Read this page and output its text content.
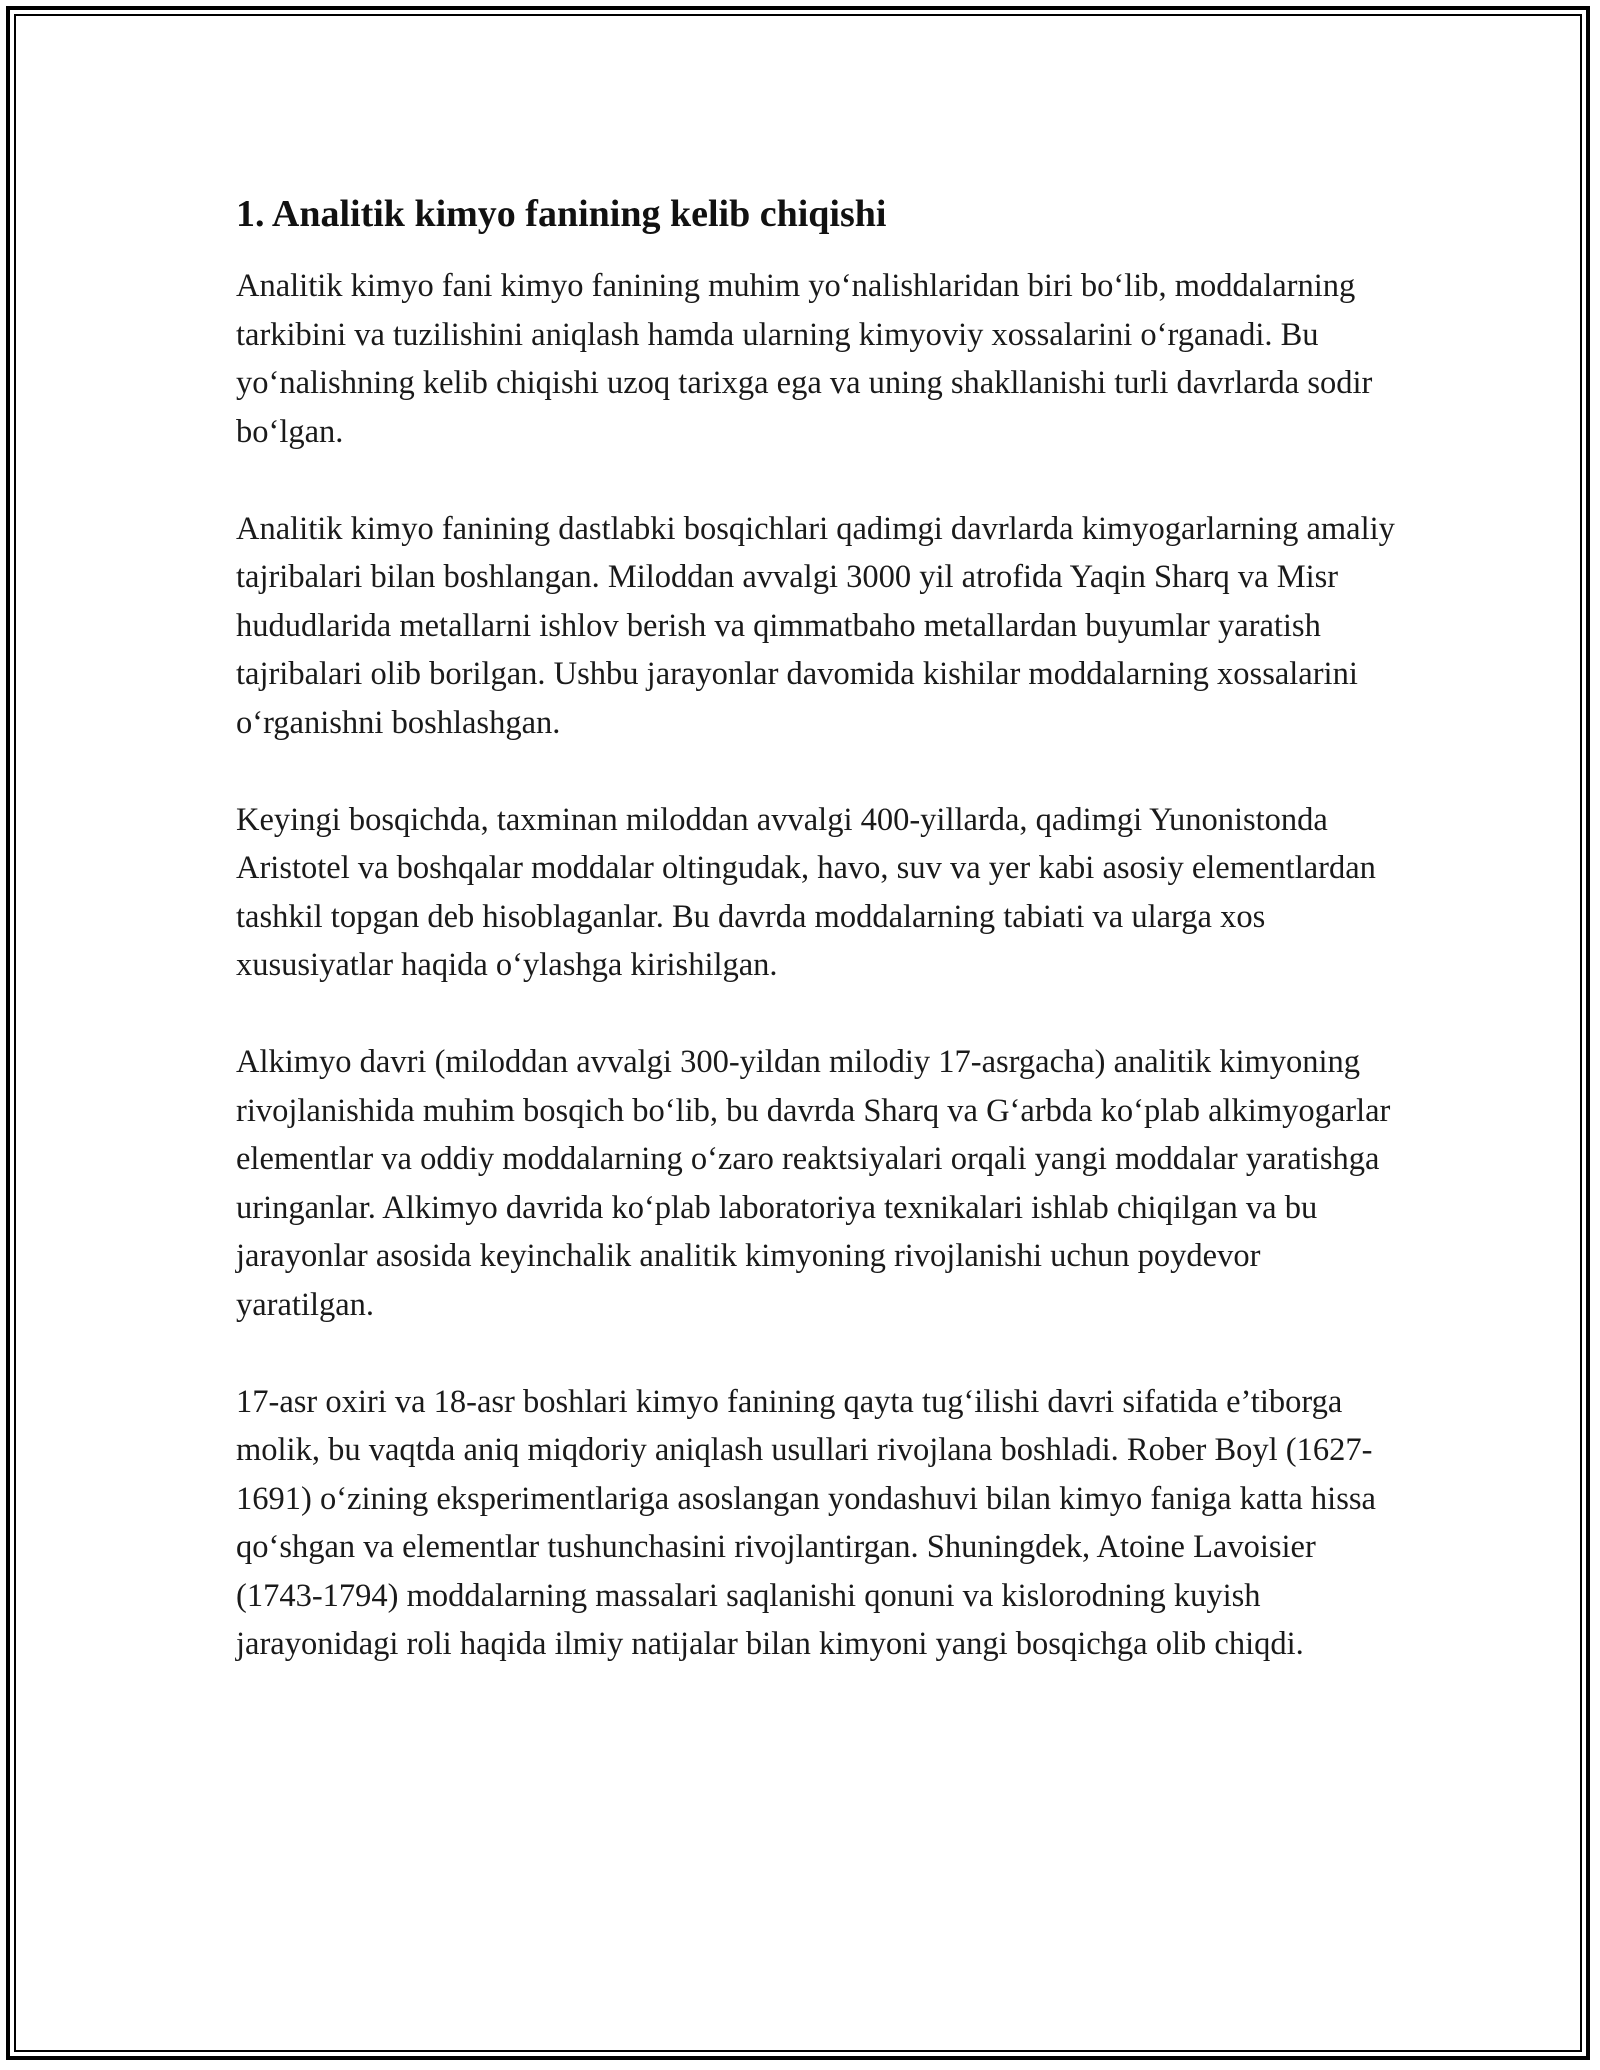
1. Analitik kimyo fanining kelib chiqishi

Analitik kimyo fani kimyo fanining muhim yo‘nalishlaridan biri bo‘lib, moddalarning tarkibini va tuzilishini aniqlash hamda ularning kimyoviy xossalarini o‘rganadi. Bu yo‘nalishning kelib chiqishi uzoq tarixga ega va uning shakllanishi turli davrlarda sodir bo‘lgan.

Analitik kimyo fanining dastlabki bosqichlari qadimgi davrlarda kimyogarlarning amaliy tajribalari bilan boshlangan. Miloddan avvalgi 3000 yil atrofida Yaqin Sharq va Misr hududlarida metallarni ishlov berish va qimmatbaho metallardan buyumlar yaratish tajribalari olib borilgan. Ushbu jarayonlar davomida kishilar moddalarning xossalarini o‘rganishni boshlashgan.

Keyingi bosqichda, taxminan miloddan avvalgi 400-yillarda, qadimgi Yunonistonda Aristotel va boshqalar moddalar oltingudak, havo, suv va yer kabi asosiy elementlardan tashkil topgan deb hisoblaganlar. Bu davrda moddalarning tabiati va ularga xos xususiyatlar haqida o‘ylashga kirishilgan.

Alkimyo davri (miloddan avvalgi 300-yildan milodiy 17-asrgacha) analitik kimyoning rivojlanishida muhim bosqich bo‘lib, bu davrda Sharq va G‘arbda ko‘plab alkimyogarlar elementlar va oddiy moddalarning o‘zaro reaktsiyalari orqali yangi moddalar yaratishga uringanlar. Alkimyo davrida ko‘plab laboratoriya texnikalari ishlab chiqilgan va bu jarayonlar asosida keyinchalik analitik kimyoning rivojlanishi uchun poydevor yaratilgan.

17-asr oxiri va 18-asr boshlari kimyo fanining qayta tug‘ilishi davri sifatida e’tiborga molik, bu vaqtda aniq miqdoriy aniqlash usullari rivojlana boshladi. Rober Boyl (1627-1691) o‘zining eksperimentlariga asoslangan yondashuvi bilan kimyo faniga katta hissa qo‘shgan va elementlar tushunchasini rivojlantirgan. Shuningdek, Atoine Lavoisier (1743-1794) moddalarning massalari saqlanishi qonuni va kislorodning kuyish jarayonidagi roli haqida ilmiy natijalar bilan kimyoni yangi bosqichga olib chiqdi.
